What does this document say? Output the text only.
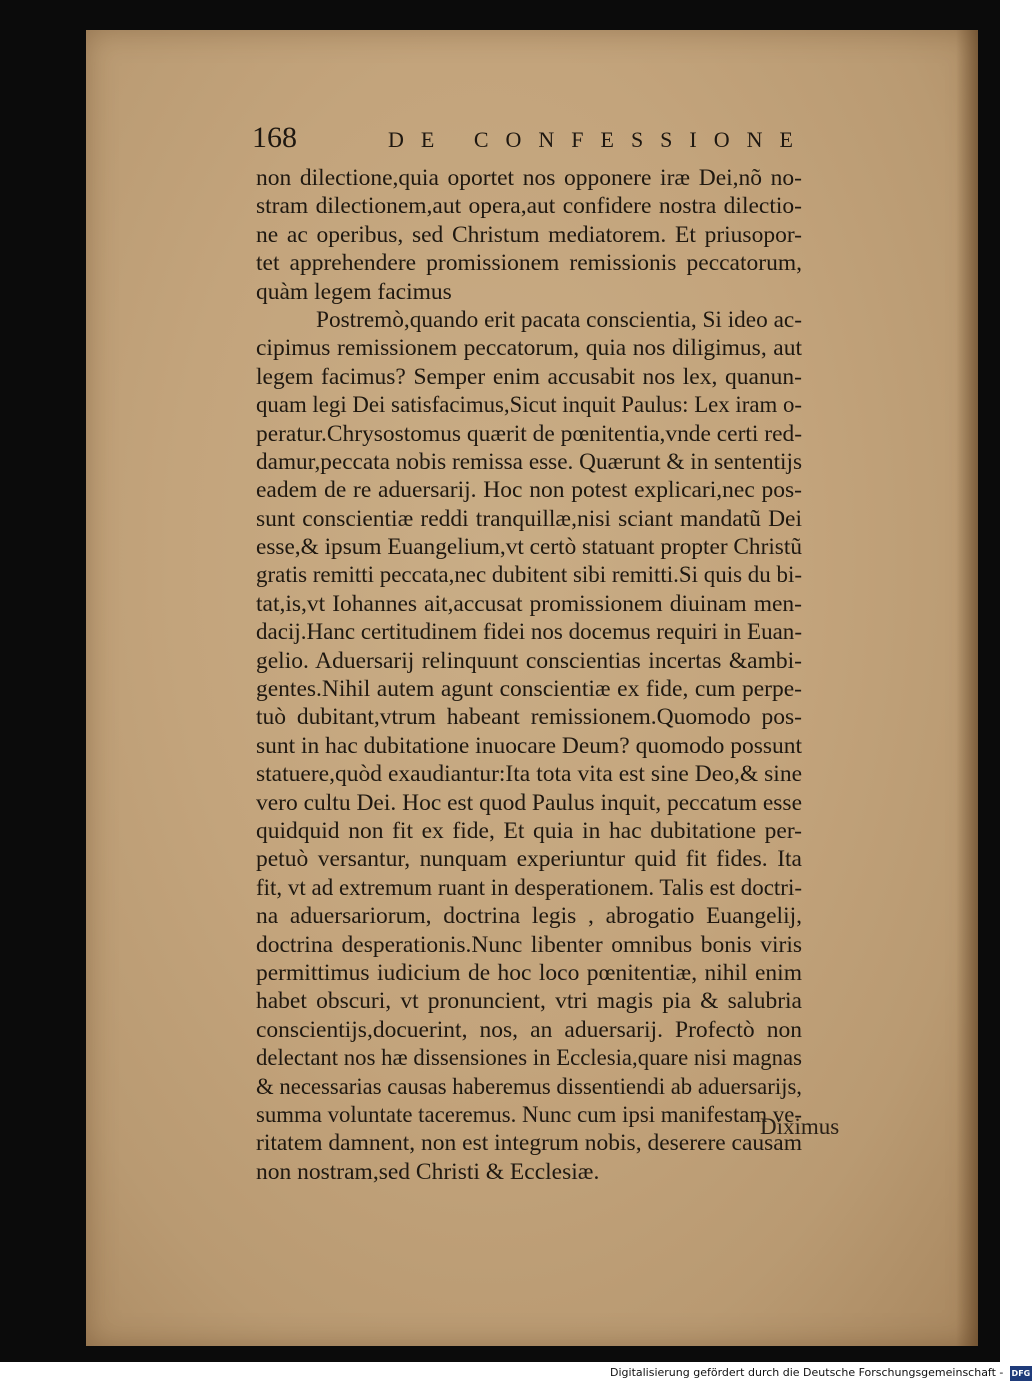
168	DE CONFESSIONE
non dilectione,quia oportet nos opponere iræ Dei,nõ no-
stram dilectionem,aut opera,aut confidere nostra dilectio-
ne ac operibus, sed Christum mediatorem. Et priusopor-
tet apprehendere promissionem remissionis peccatorum,
quàm legem facimus
Postremò,quando erit pacata conscientia, Si ideo ac-
cipimus remissionem peccatorum, quia nos diligimus, aut
legem facimus? Semper enim accusabit nos lex, quanun-
quam legi Dei satisfacimus,Sicut inquit Paulus: Lex iram o-
peratur.Chrysostomus quærit de pœnitentia,vnde certi red-
damur,peccata nobis remissa esse. Quærunt & in sententijs
eadem de re aduersarij. Hoc non potest explicari,nec pos-
sunt conscientiæ reddi tranquillæ,nisi sciant mandatũ Dei
esse,& ipsum Euangelium,vt certò statuant propter Christũ
gratis remitti peccata,nec dubitent sibi remitti.Si quis du bi-
tat,is,vt Iohannes ait,accusat promissionem diuinam men-
dacij.Hanc certitudinem fidei nos docemus requiri in Euan-
gelio. Aduersarij relinquunt conscientias incertas &ambi-
gentes.Nihil autem agunt conscientiæ ex fide, cum perpe-
tuò dubitant,vtrum habeant remissionem.Quomodo pos-
sunt in hac dubitatione inuocare Deum? quomodo possunt
statuere,quòd exaudiantur:Ita tota vita est sine Deo,& sine
vero cultu Dei. Hoc est quod Paulus inquit, peccatum esse
quidquid non fit ex fide, Et quia in hac dubitatione per-
petuò versantur, nunquam experiuntur quid fit fides. Ita
fit, vt ad extremum ruant in desperationem. Talis est doctri-
na aduersariorum, doctrina legis , abrogatio Euangelij,
doctrina desperationis.Nunc libenter omnibus bonis viris
permittimus iudicium de hoc loco pœnitentiæ, nihil enim
habet obscuri, vt pronuncient, vtri magis pia & salubria
conscientijs,docuerint, nos, an aduersarij. Profectò non
delectant nos hæ dissensiones in Ecclesia,quare nisi magnas
& necessarias causas haberemus dissentiendi ab aduersarijs,
summa voluntate taceremus. Nunc cum ipsi manifestam ve-
ritatem damnent, non est integrum nobis, deserere causam
non nostram,sed Christi & Ecclesiæ.
Diximus
Digitalisierung gefördert durch die Deutsche Forschungsgemeinschaft - DFG
